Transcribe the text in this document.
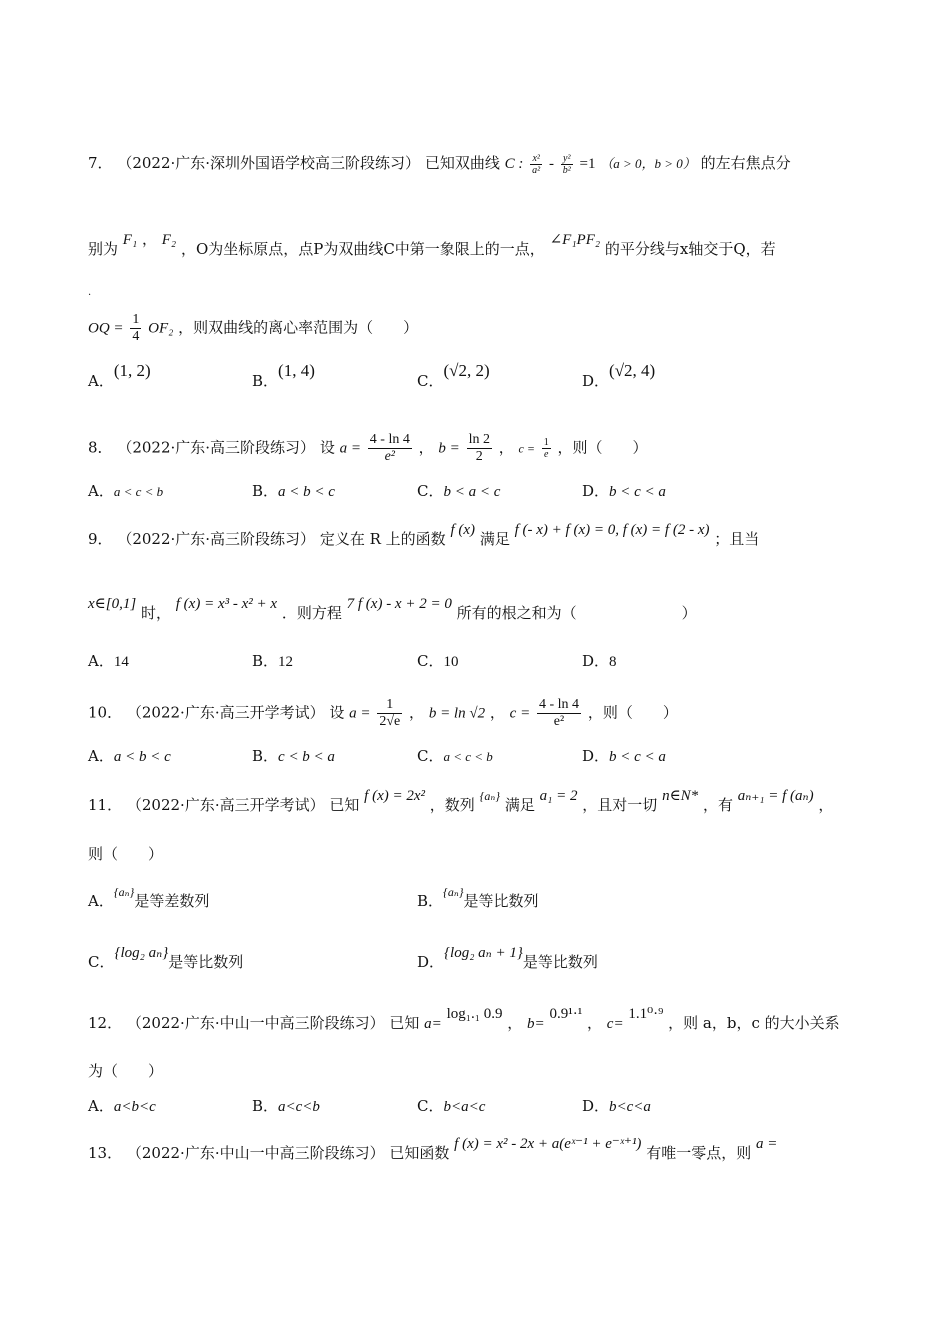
7． （2022·广东·深圳外国语学校高三阶段练习） 已知双曲线 C : $\frac{\text{x²}}{\text{a²}} - \frac{\text{y²}}{\text{b²}} =1$ （a > 0，b > 0） 的左右焦点分
别为 F₁ ， F₂ ，O为坐标原点，点P为双曲线C中第一象限上的一点， ∠F₁PF₂ 的平分线与x轴交于Q，若
.
OQ = $\frac{1}{4} OF_2$ ，则双曲线的离心率范围为（　　）
A．(1, 2)
B．(1, 4)
C．(√2, 2)
D．(√2, 4)
8． （2022·广东·高三阶段练习） 设 $a = \frac{4 - \ln 4}{\text{e²}}$ ， $b = \frac{\ln 2}{2}$ ， $c = \frac{1}{e}$ ，则（　　）
A．a < c < b	B．a < b < c	C．b < a < c	D．b < c < a
9． （2022·广东·高三阶段练习） 定义在 R 上的函数 f (x) 满足 f (- x) + f (x) = 0, f (x) = f (2 - x) ；且当
x∈[0,1] 时， f (x) = x³ - x² + x ．则方程 7 f (x) - x + 2 = 0 所有的根之和为（　　　　　　　）
A．14	B．12	C．10	D．8
10． （2022·广东·高三开学考试） 设 $a = \frac{1}{2√e}$ ， b = ln √2 ， $c = \frac{4 - \ln 4}{\text{e²}}$ ，则（　　）
A．a < b < c	B．c < b < a	C．a < c < b	D．b < c < a
11． （2022·广东·高三开学考试） 已知 f (x) = 2x² ，数列 $^{\{a_n\}}$ 满足 a₁ = 2 ，且对一切 n∈N* ，有 aₙ₊₁ = f (aₙ) ，
则（　　）
A．$^{\{a_n\}}$是等差数列	B．$^{\{a_n\}}$是等比数列
C．{log₂ aₙ}是等比数列	D．{log₂ aₙ + 1}是等比数列
12． （2022·广东·中山一中高三阶段练习） 已知 a= log₁.₁ 0.9 ， b= 0.9¹·¹ ， c= 1.1⁰·⁹ ，则 a，b，c 的大小关系
为（　　）
A．a<b<c	B．a<c<b	C．b<a<c	D．b<c<a
13． （2022·广东·中山一中高三阶段练习） 已知函数 f (x) = x² - 2x + a(eˣ⁻¹ + e⁻ˣ⁺¹) 有唯一零点，则 a =
